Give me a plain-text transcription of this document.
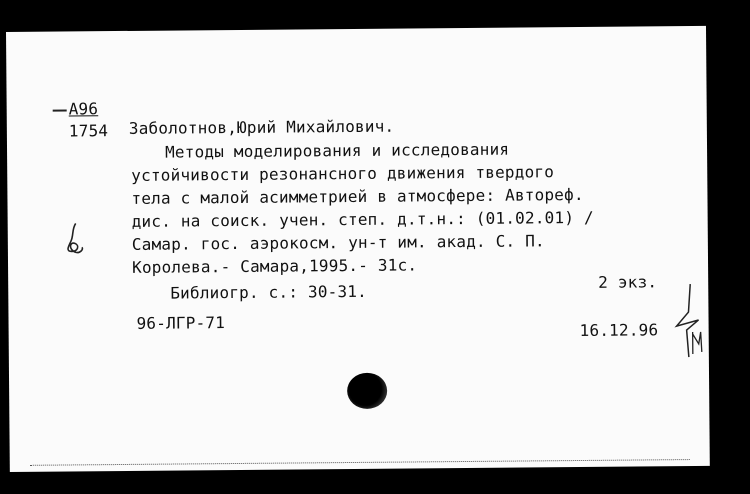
A96
1754 Заболотнов,Юрий Михайлович.
Методы моделирования и исследования
устойчивости резонансного движения твердого
тела с малой асимметрией в атмосфере: Автореф.
дис. на соиск. учен. степ. д.т.н.: (01.02.01) /
Самар. гос. аэрокосм. ун-т им. акад. С. П.
Королева.- Самара,1995.- 31с.
Библиогр. с.: 30-31.	2 экз.
96-ЛГР-71	16.12.96
